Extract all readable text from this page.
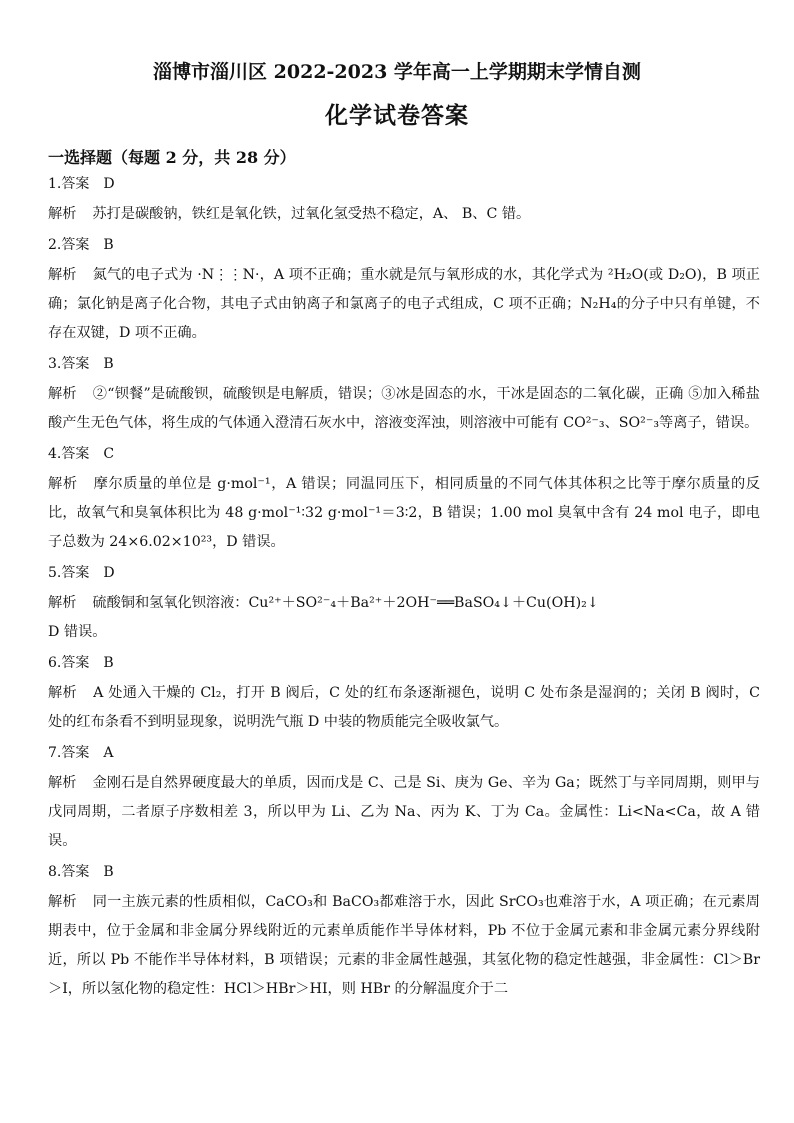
淄博市淄川区 2022-2023 学年高一上学期期末学情自测
化学试卷答案
一选择题（每题 2 分，共 28 分）

1.答案 D

解析 苏打是碳酸钠，铁红是氧化铁，过氧化氢受热不稳定，A、 B、C 错。

2.答案 B

解析 氮气的电子式为 ·N⋮⋮N·，A 项不正确；重水就是氘与氧形成的水，其化学式为 ²H₂O(或 D₂O)，B 项正确；氯化钠是离子化合物，其电子式由钠离子和氯离子的电子式组成，C 项不正确；N₂H₄的分子中只有单键，不存在双键，D 项不正确。

3.答案 B

解析 ②“钡餐”是硫酸钡，硫酸钡是电解质，错误；③冰是固态的水，干冰是固态的二氧化碳，正确 ⑤加入稀盐酸产生无色气体，将生成的气体通入澄清石灰水中，溶液变浑浊，则溶液中可能有 CO²⁻₃、SO²⁻₃等离子，错误。

4.答案 C

解析 摩尔质量的单位是 g·mol⁻¹，A 错误；同温同压下，相同质量的不同气体其体积之比等于摩尔质量的反比，故氧气和臭氧体积比为 48 g·mol⁻¹∶32 g·mol⁻¹＝3∶2，B 错误；1.00 mol 臭氧中含有 24 mol 电子，即电子总数为 24×6.02×10²³，D 错误。

5.答案 D

解析 硫酸铜和氢氧化钡溶液：Cu²⁺＋SO²⁻₄＋Ba²⁺＋2OH⁻══BaSO₄↓＋Cu(OH)₂↓
D 错误。

6.答案 B

解析 A 处通入干燥的 Cl₂，打开 B 阀后，C 处的红布条逐渐褪色，说明 C 处布条是湿润的；关闭 B 阀时，C 处的红布条看不到明显现象，说明洗气瓶 D 中装的物质能完全吸收氯气。

7.答案 A

解析 金刚石是自然界硬度最大的单质，因而戊是 C、己是 Si、庚为 Ge、辛为 Ga；既然丁与辛同周期，则甲与戊同周期，二者原子序数相差 3，所以甲为 Li、乙为 Na、丙为 K、丁为 Ca。金属性：Li<Na<Ca，故 A 错误。

8.答案 B

解析 同一主族元素的性质相似，CaCO₃和 BaCO₃都难溶于水，因此 SrCO₃也难溶于水，A 项正确；在元素周期表中，位于金属和非金属分界线附近的元素单质能作半导体材料，Pb 不位于金属元素和非金属元素分界线附近，所以 Pb 不能作半导体材料，B 项错误；元素的非金属性越强，其氢化物的稳定性越强，非金属性：Cl＞Br＞I，所以氢化物的稳定性：HCl＞HBr＞HI，则 HBr 的分解温度介于二
